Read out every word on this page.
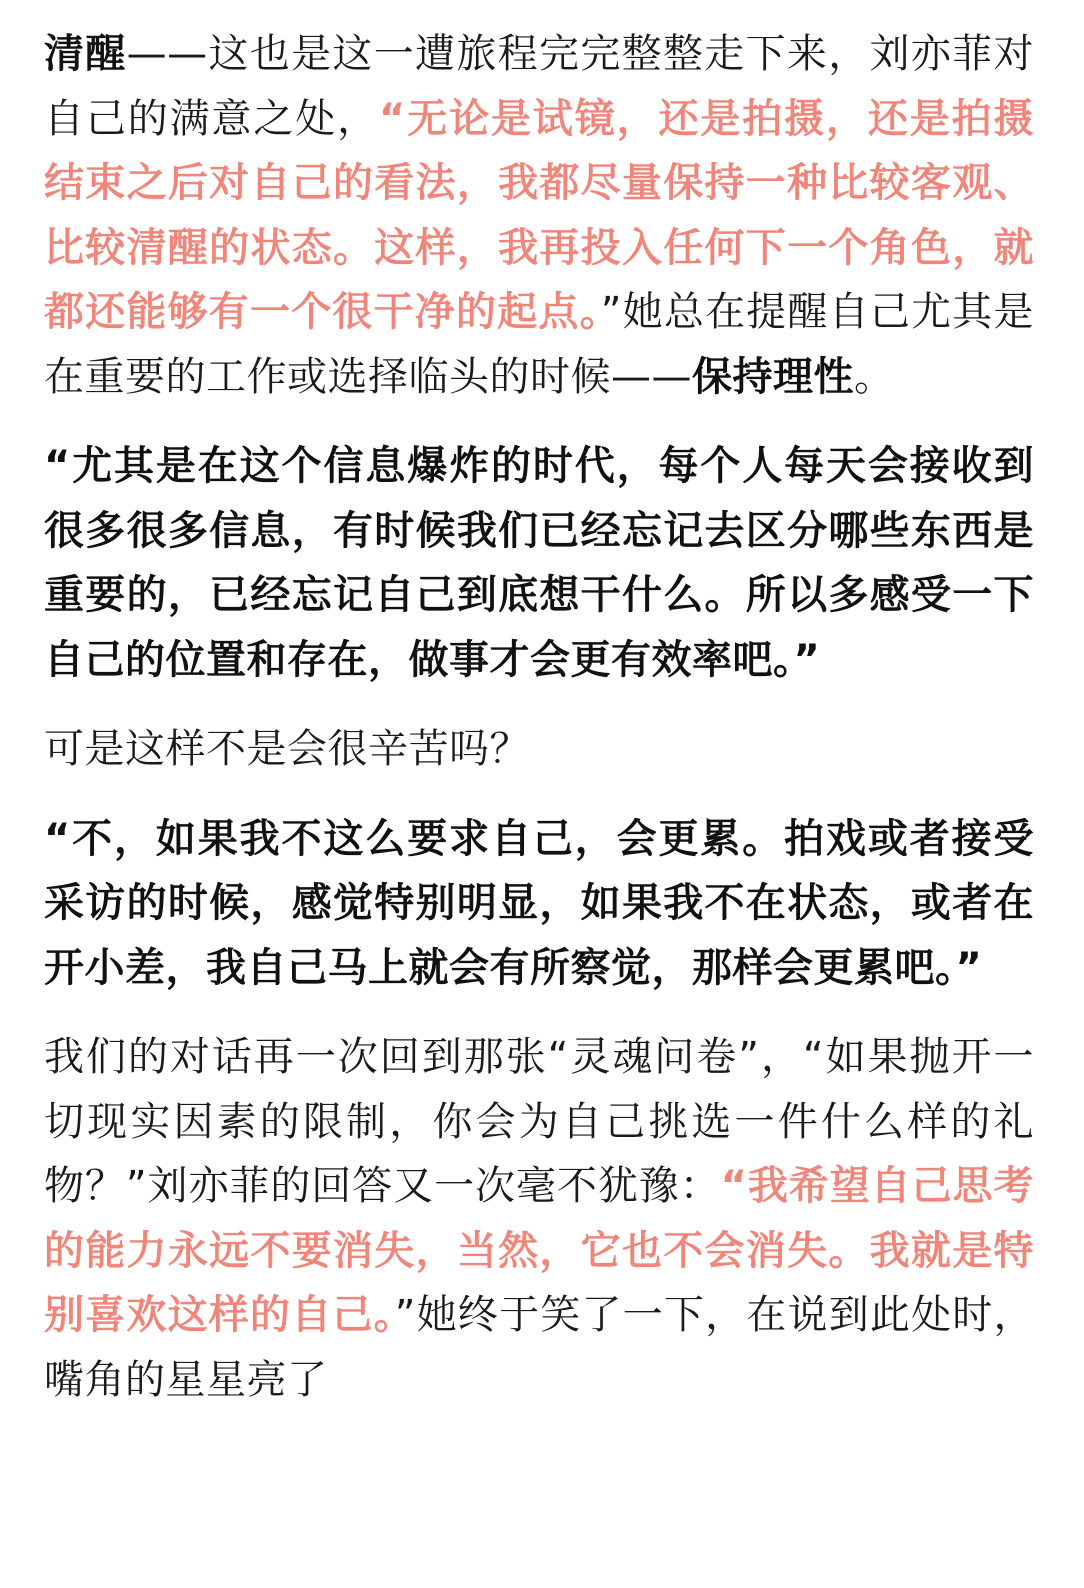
清醒——这也是这一遭旅程完完整整走下来，刘亦菲对自己的满意之处，“无论是试镜，还是拍摄，还是拍摄结束之后对自己的看法，我都尽量保持一种比较客观、比较清醒的状态。这样，我再投入任何下一个角色，就都还能够有一个很干净的起点。”她总在提醒自己尤其是在重要的工作或选择临头的时候——保持理性。

“尤其是在这个信息爆炸的时代，每个人每天会接收到很多很多信息，有时候我们已经忘记去区分哪些东西是重要的，已经忘记自己到底想干什么。所以多感受一下自己的位置和存在，做事才会更有效率吧。”

可是这样不是会很辛苦吗？

“不，如果我不这么要求自己，会更累。拍戏或者接受采访的时候，感觉特别明显，如果我不在状态，或者在开小差，我自己马上就会有所察觉，那样会更累吧。”

我们的对话再一次回到那张“灵魂问卷”，“如果抛开一切现实因素的限制，你会为自己挑选一件什么样的礼物？”刘亦菲的回答又一次毫不犹豫：“我希望自己思考的能力永远不要消失，当然，它也不会消失。我就是特别喜欢这样的自己。”她终于笑了一下，在说到此处时，嘴角的星星亮了
